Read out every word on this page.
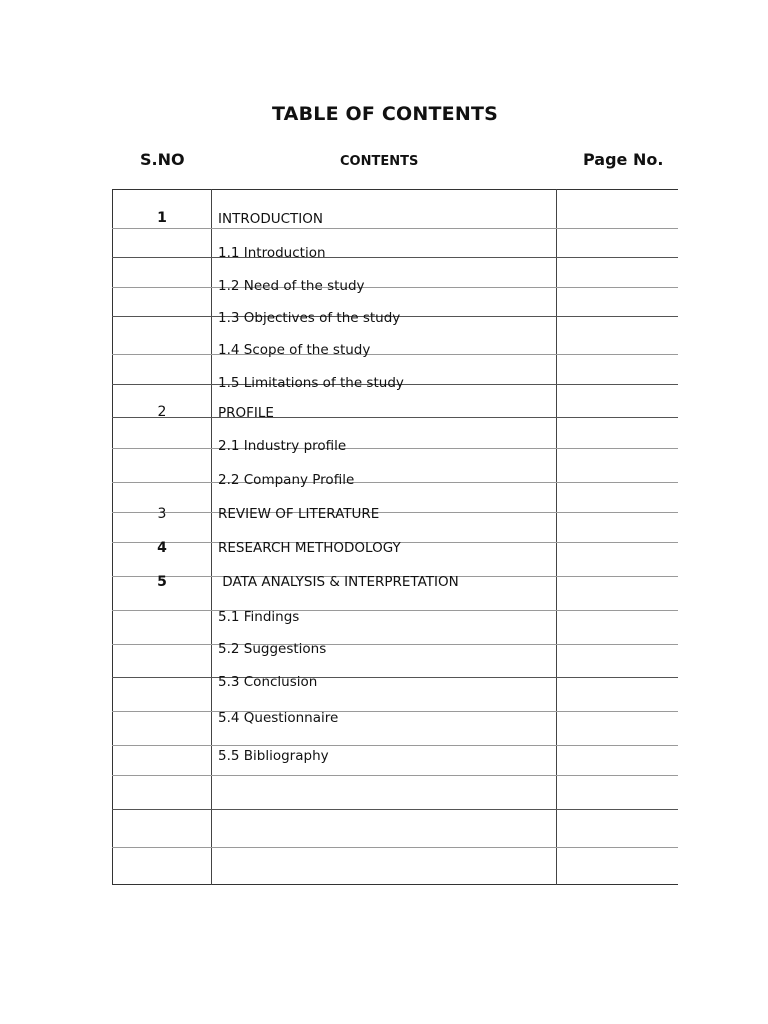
TABLE OF CONTENTS
S.NO	CONTENTS	Page No.
1	INTRODUCTION
1.1 Introduction
1.2 Need of the study
1.3 Objectives of the study
1.4 Scope of the study
1.5 Limitations of the study
2	PROFILE
2.1 Industry profile
2.2 Company Profile
3	REVIEW OF LITERATURE
4	RESEARCH METHODOLOGY
5	DATA ANALYSIS & INTERPRETATION
5.1 Findings
5.2 Suggestions
5.3 Conclusion
5.4 Questionnaire
5.5 Bibliography
